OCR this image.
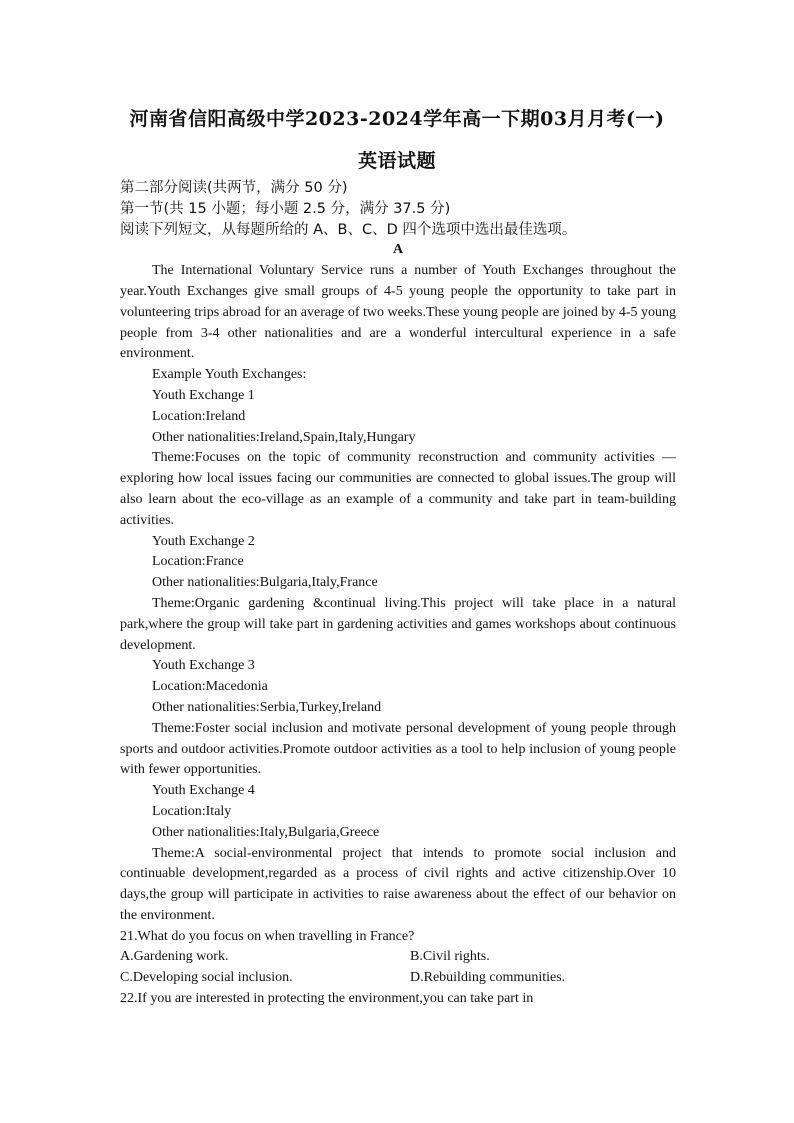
河南省信阳高级中学2023-2024学年高一下期03月月考(一)
英语试题

第二部分阅读(共两节，满分 50 分)

第一节(共 15 小题；每小题 2.5 分，满分 37.5 分)

阅读下列短文，从每题所给的 A、B、C、D 四个选项中选出最佳选项。

A

The International Voluntary Service runs a number of Youth Exchanges throughout the year.Youth Exchanges give small groups of 4-5 young people the opportunity to take part in volunteering trips abroad for an average of two weeks.These young people are joined by 4-5 young people from 3-4 other nationalities and are a wonderful intercultural experience in a safe environment.

Example Youth Exchanges:

Youth Exchange 1

Location:Ireland

Other nationalities:Ireland,Spain,Italy,Hungary

Theme:Focuses on the topic of community reconstruction and community activities —exploring how local issues facing our communities are connected to global issues.The group will also learn about the eco-village as an example of a community and take part in team-building activities.

Youth Exchange 2

Location:France

Other nationalities:Bulgaria,Italy,France

Theme:Organic gardening &continual living.This project will take place in a natural park,where the group will take part in gardening activities and games workshops about continuous development.

Youth Exchange 3

Location:Macedonia

Other nationalities:Serbia,Turkey,Ireland

Theme:Foster social inclusion and motivate personal development of young people through sports and outdoor activities.Promote outdoor activities as a tool to help inclusion of young people with fewer opportunities.

Youth Exchange 4

Location:Italy

Other nationalities:Italy,Bulgaria,Greece

Theme:A social-environmental project that intends to promote social inclusion and continuable development,regarded as a process of civil rights and active citizenship.Over 10 days,the group will participate in activities to raise awareness about the effect of our behavior on the environment.

21.What do you focus on when travelling in France?

A.Gardening work.	B.Civil rights.
C.Developing social inclusion.	D.Rebuilding communities.

22.If you are interested in protecting the environment,you can take part in
